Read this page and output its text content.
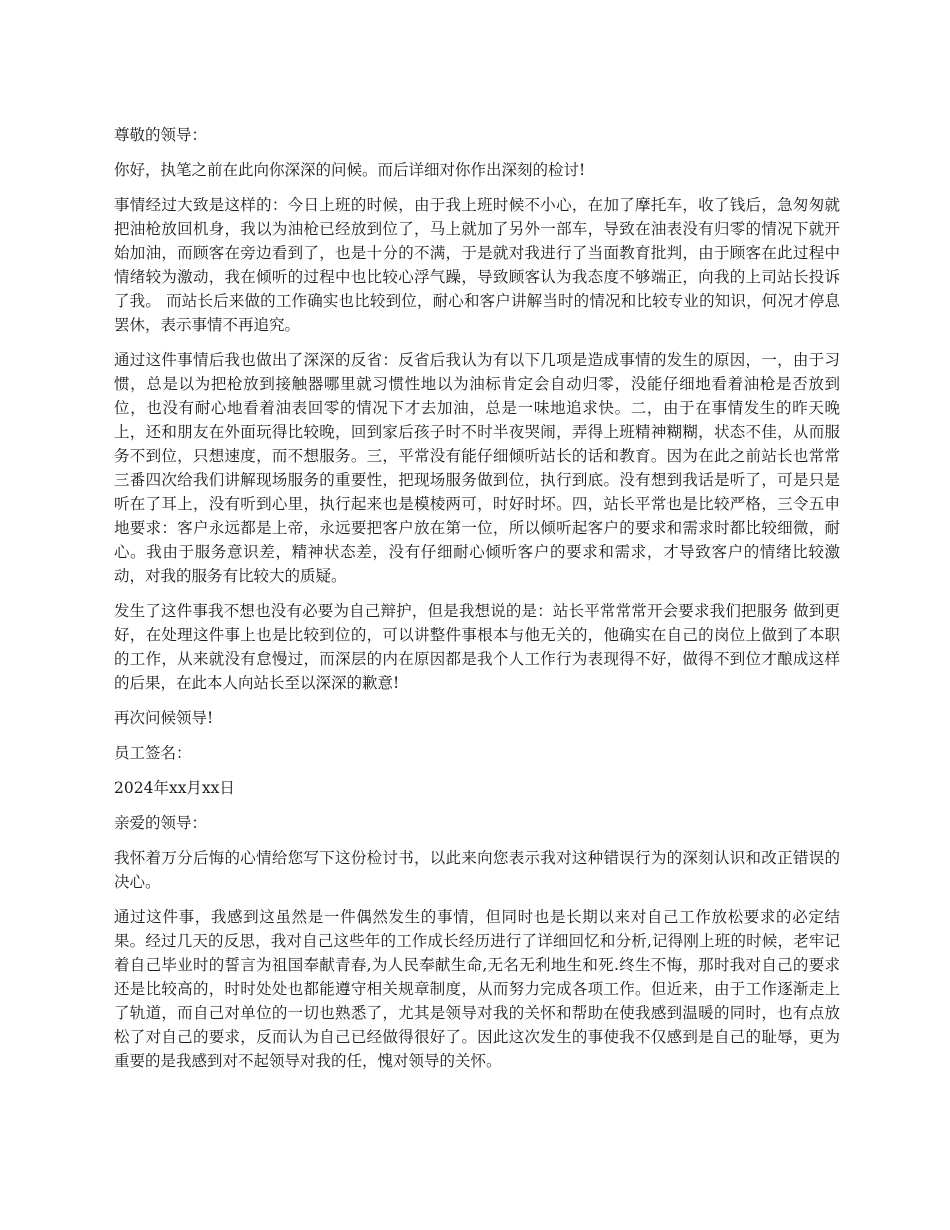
尊敬的领导：

你好，执笔之前在此向你深深的问候。而后详细对你作出深刻的检讨!

事情经过大致是这样的：今日上班的时候，由于我上班时候不小心，在加了摩托车，收了钱后，急匆匆就把油枪放回机身，我以为油枪已经放到位了，马上就加了另外一部车，导致在油表没有归零的情况下就开始加油，而顾客在旁边看到了，也是十分的不满，于是就对我进行了当面教育批判，由于顾客在此过程中情绪较为激动，我在倾听的过程中也比较心浮气躁，导致顾客认为我态度不够端正，向我的上司站长投诉了我。 而站长后来做的工作确实也比较到位，耐心和客户讲解当时的情况和比较专业的知识，何况才停息罢休，表示事情不再追究。

通过这件事情后我也做出了深深的反省：反省后我认为有以下几项是造成事情的发生的原因，一，由于习惯，总是以为把枪放到接触器哪里就习惯性地以为油标肯定会自动归零，没能仔细地看着油枪是否放到位，也没有耐心地看着油表回零的情况下才去加油，总是一味地追求快。二，由于在事情发生的昨天晚上，还和朋友在外面玩得比较晚，回到家后孩子时不时半夜哭闹，弄得上班精神糊糊，状态不佳，从而服务不到位，只想速度，而不想服务。三，平常没有能仔细倾听站长的话和教育。因为在此之前站长也常常三番四次给我们讲解现场服务的重要性，把现场服务做到位，执行到底。没有想到我话是听了，可是只是听在了耳上，没有听到心里，执行起来也是模棱两可，时好时坏。四，站长平常也是比较严格，三令五申地要求：客户永远都是上帝，永远要把客户放在第一位，所以倾听起客户的要求和需求时都比较细微，耐心。我由于服务意识差，精神状态差，没有仔细耐心倾听客户的要求和需求，才导致客户的情绪比较激动，对我的服务有比较大的质疑。

发生了这件事我不想也没有必要为自己辩护，但是我想说的是：站长平常常常开会要求我们把服务 做到更好，在处理这件事上也是比较到位的，可以讲整件事根本与他无关的，他确实在自己的岗位上做到了本职的工作，从来就没有怠慢过，而深层的内在原因都是我个人工作行为表现得不好，做得不到位才酿成这样的后果，在此本人向站长至以深深的歉意!

再次问候领导!

员工签名：

2024年xx月xx日

亲爱的领导：

我怀着万分后悔的心情给您写下这份检讨书，以此来向您表示我对这种错误行为的深刻认识和改正错误的决心。

通过这件事，我感到这虽然是一件偶然发生的事情，但同时也是长期以来对自己工作放松要求的必定结果。经过几天的反思，我对自己这些年的工作成长经历进行了详细回忆和分析,记得刚上班的时候，老牢记着自己毕业时的誓言为祖国奉献青春,为人民奉献生命,无名无利地生和死.终生不悔，那时我对自己的要求还是比较高的，时时处处也都能遵守相关规章制度，从而努力完成各项工作。但近来，由于工作逐渐走上了轨道，而自己对单位的一切也熟悉了，尤其是领导对我的关怀和帮助在使我感到温暖的同时，也有点放松了对自己的要求，反而认为自己已经做得很好了。因此这次发生的事使我不仅感到是自己的耻辱，更为重要的是我感到对不起领导对我的任，愧对领导的关怀。
